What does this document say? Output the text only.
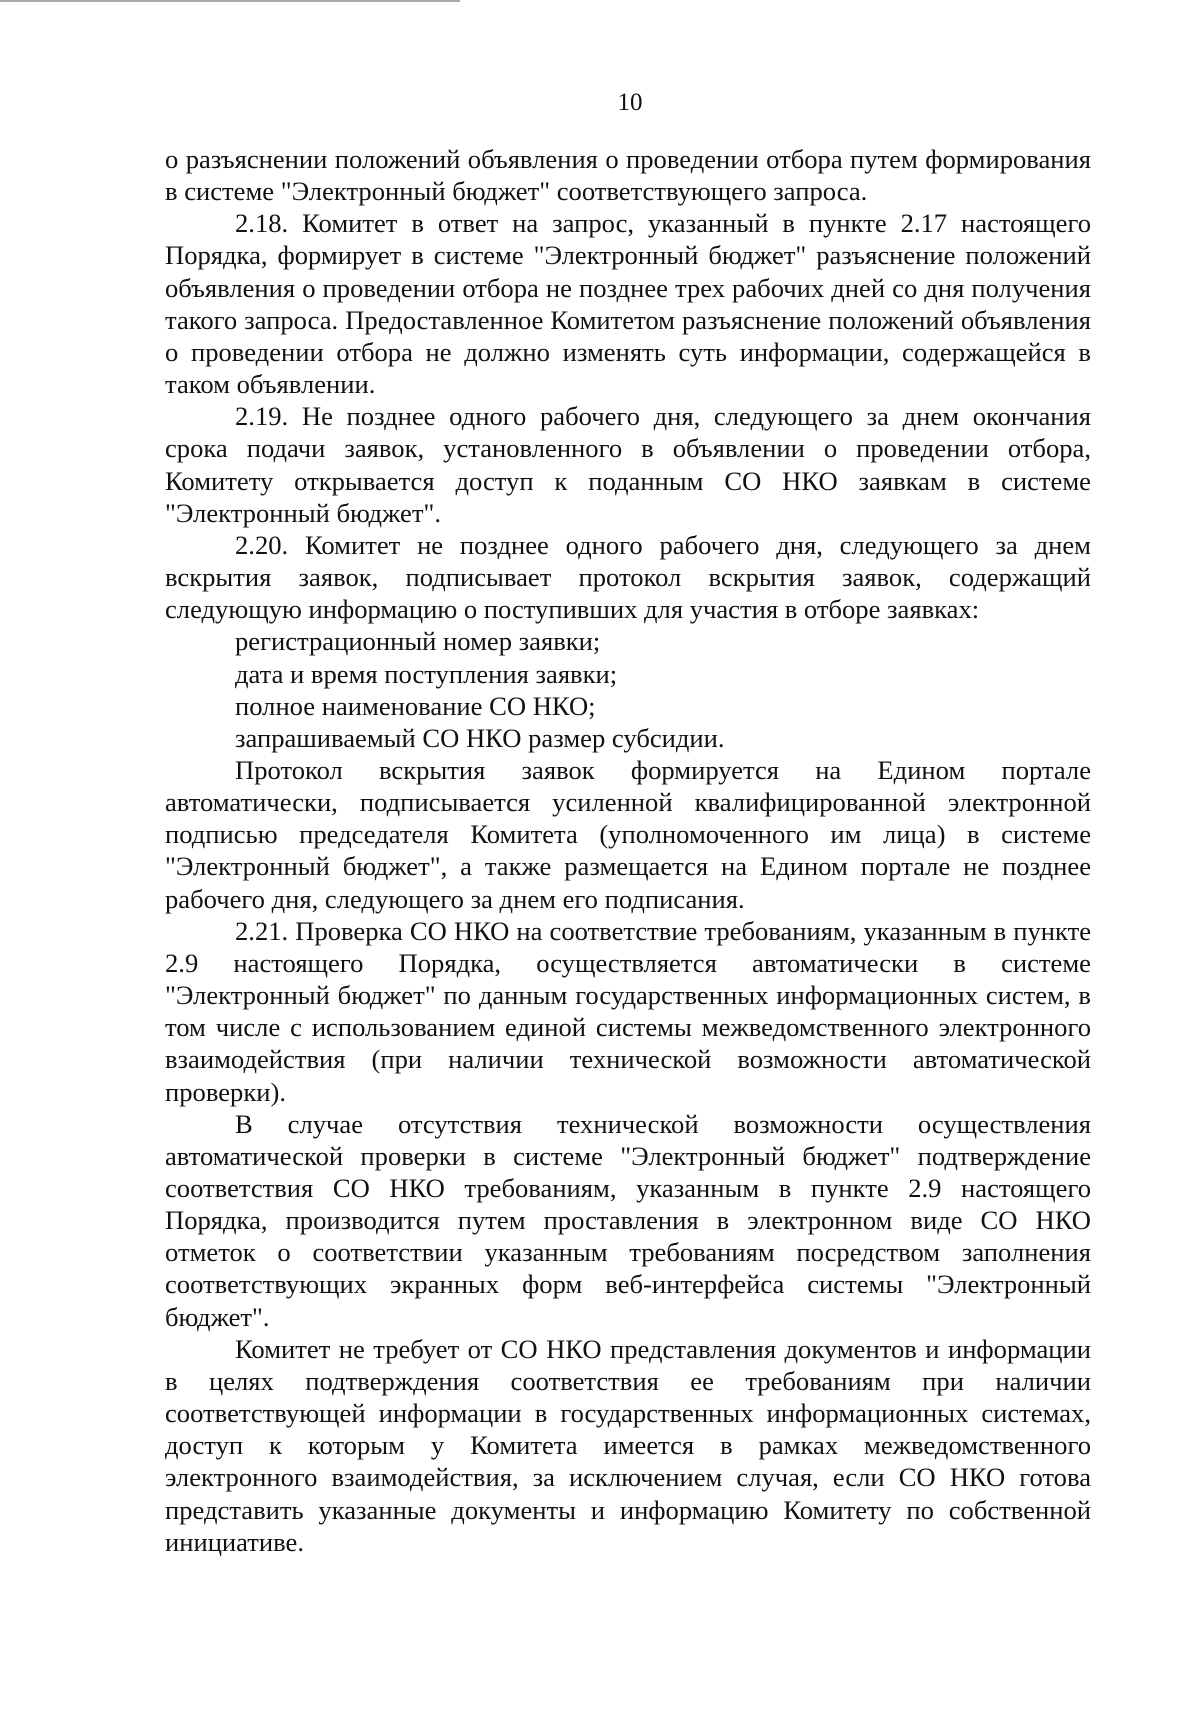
10

о разъяснении положений объявления о проведении отбора путем формирования в системе "Электронный бюджет" соответствующего запроса.

2.18. Комитет в ответ на запрос, указанный в пункте 2.17 настоящего Порядка, формирует в системе "Электронный бюджет" разъяснение положений объявления о проведении отбора не позднее трех рабочих дней со дня получения такого запроса. Предоставленное Комитетом разъяснение положений объявления о проведении отбора не должно изменять суть информации, содержащейся в таком объявлении.

2.19. Не позднее одного рабочего дня, следующего за днем окончания срока подачи заявок, установленного в объявлении о проведении отбора, Комитету открывается доступ к поданным СО НКО заявкам в системе "Электронный бюджет".

2.20. Комитет не позднее одного рабочего дня, следующего за днем вскрытия заявок, подписывает протокол вскрытия заявок, содержащий следующую информацию о поступивших для участия в отборе заявках:

регистрационный номер заявки;

дата и время поступления заявки;

полное наименование СО НКО;

запрашиваемый СО НКО размер субсидии.

Протокол вскрытия заявок формируется на Едином портале автоматически, подписывается усиленной квалифицированной электронной подписью председателя Комитета (уполномоченного им лица) в системе "Электронный бюджет", а также размещается на Едином портале не позднее рабочего дня, следующего за днем его подписания.

2.21. Проверка СО НКО на соответствие требованиям, указанным в пункте 2.9 настоящего Порядка, осуществляется автоматически в системе "Электронный бюджет" по данным государственных информационных систем, в том числе с использованием единой системы межведомственного электронного взаимодействия (при наличии технической возможности автоматической проверки).

В случае отсутствия технической возможности осуществления автоматической проверки в системе "Электронный бюджет" подтверждение соответствия СО НКО требованиям, указанным в пункте 2.9 настоящего Порядка, производится путем проставления в электронном виде СО НКО отметок о соответствии указанным требованиям посредством заполнения соответствующих экранных форм веб-интерфейса системы "Электронный бюджет".

Комитет не требует от СО НКО представления документов и информации в целях подтверждения соответствия ее требованиям при наличии соответствующей информации в государственных информационных системах, доступ к которым у Комитета имеется в рамках межведомственного электронного взаимодействия, за исключением случая, если СО НКО готова представить указанные документы и информацию Комитету по собственной инициативе.
